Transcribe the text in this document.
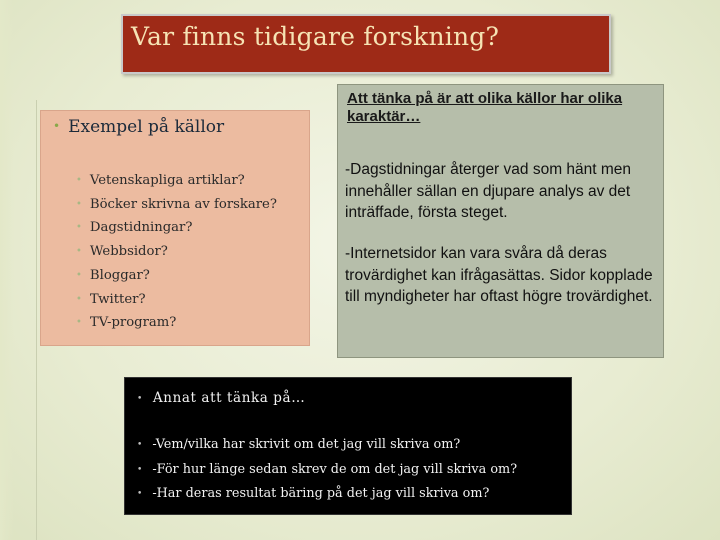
Var finns tidigare forskning?
• Exempel på källor
• Vetenskapliga artiklar?
• Böcker skrivna av forskare?
• Dagstidningar?
• Webbsidor?
• Bloggar?
• Twitter?
• TV-program?
Att tänka på är att olika källor har olika karaktär…
-Dagstidningar återger vad som hänt men innehåller sällan en djupare analys av det inträffade, första steget.
-Internetsidor kan vara svåra då deras trovärdighet kan ifrågasättas. Sidor kopplade till myndigheter har oftast högre trovärdighet.
• Annat att tänka på…
• -Vem/vilka har skrivit om det jag vill skriva om?
• -För hur länge sedan skrev de om det jag vill skriva om?
• -Har deras resultat bäring på det jag vill skriva om?
